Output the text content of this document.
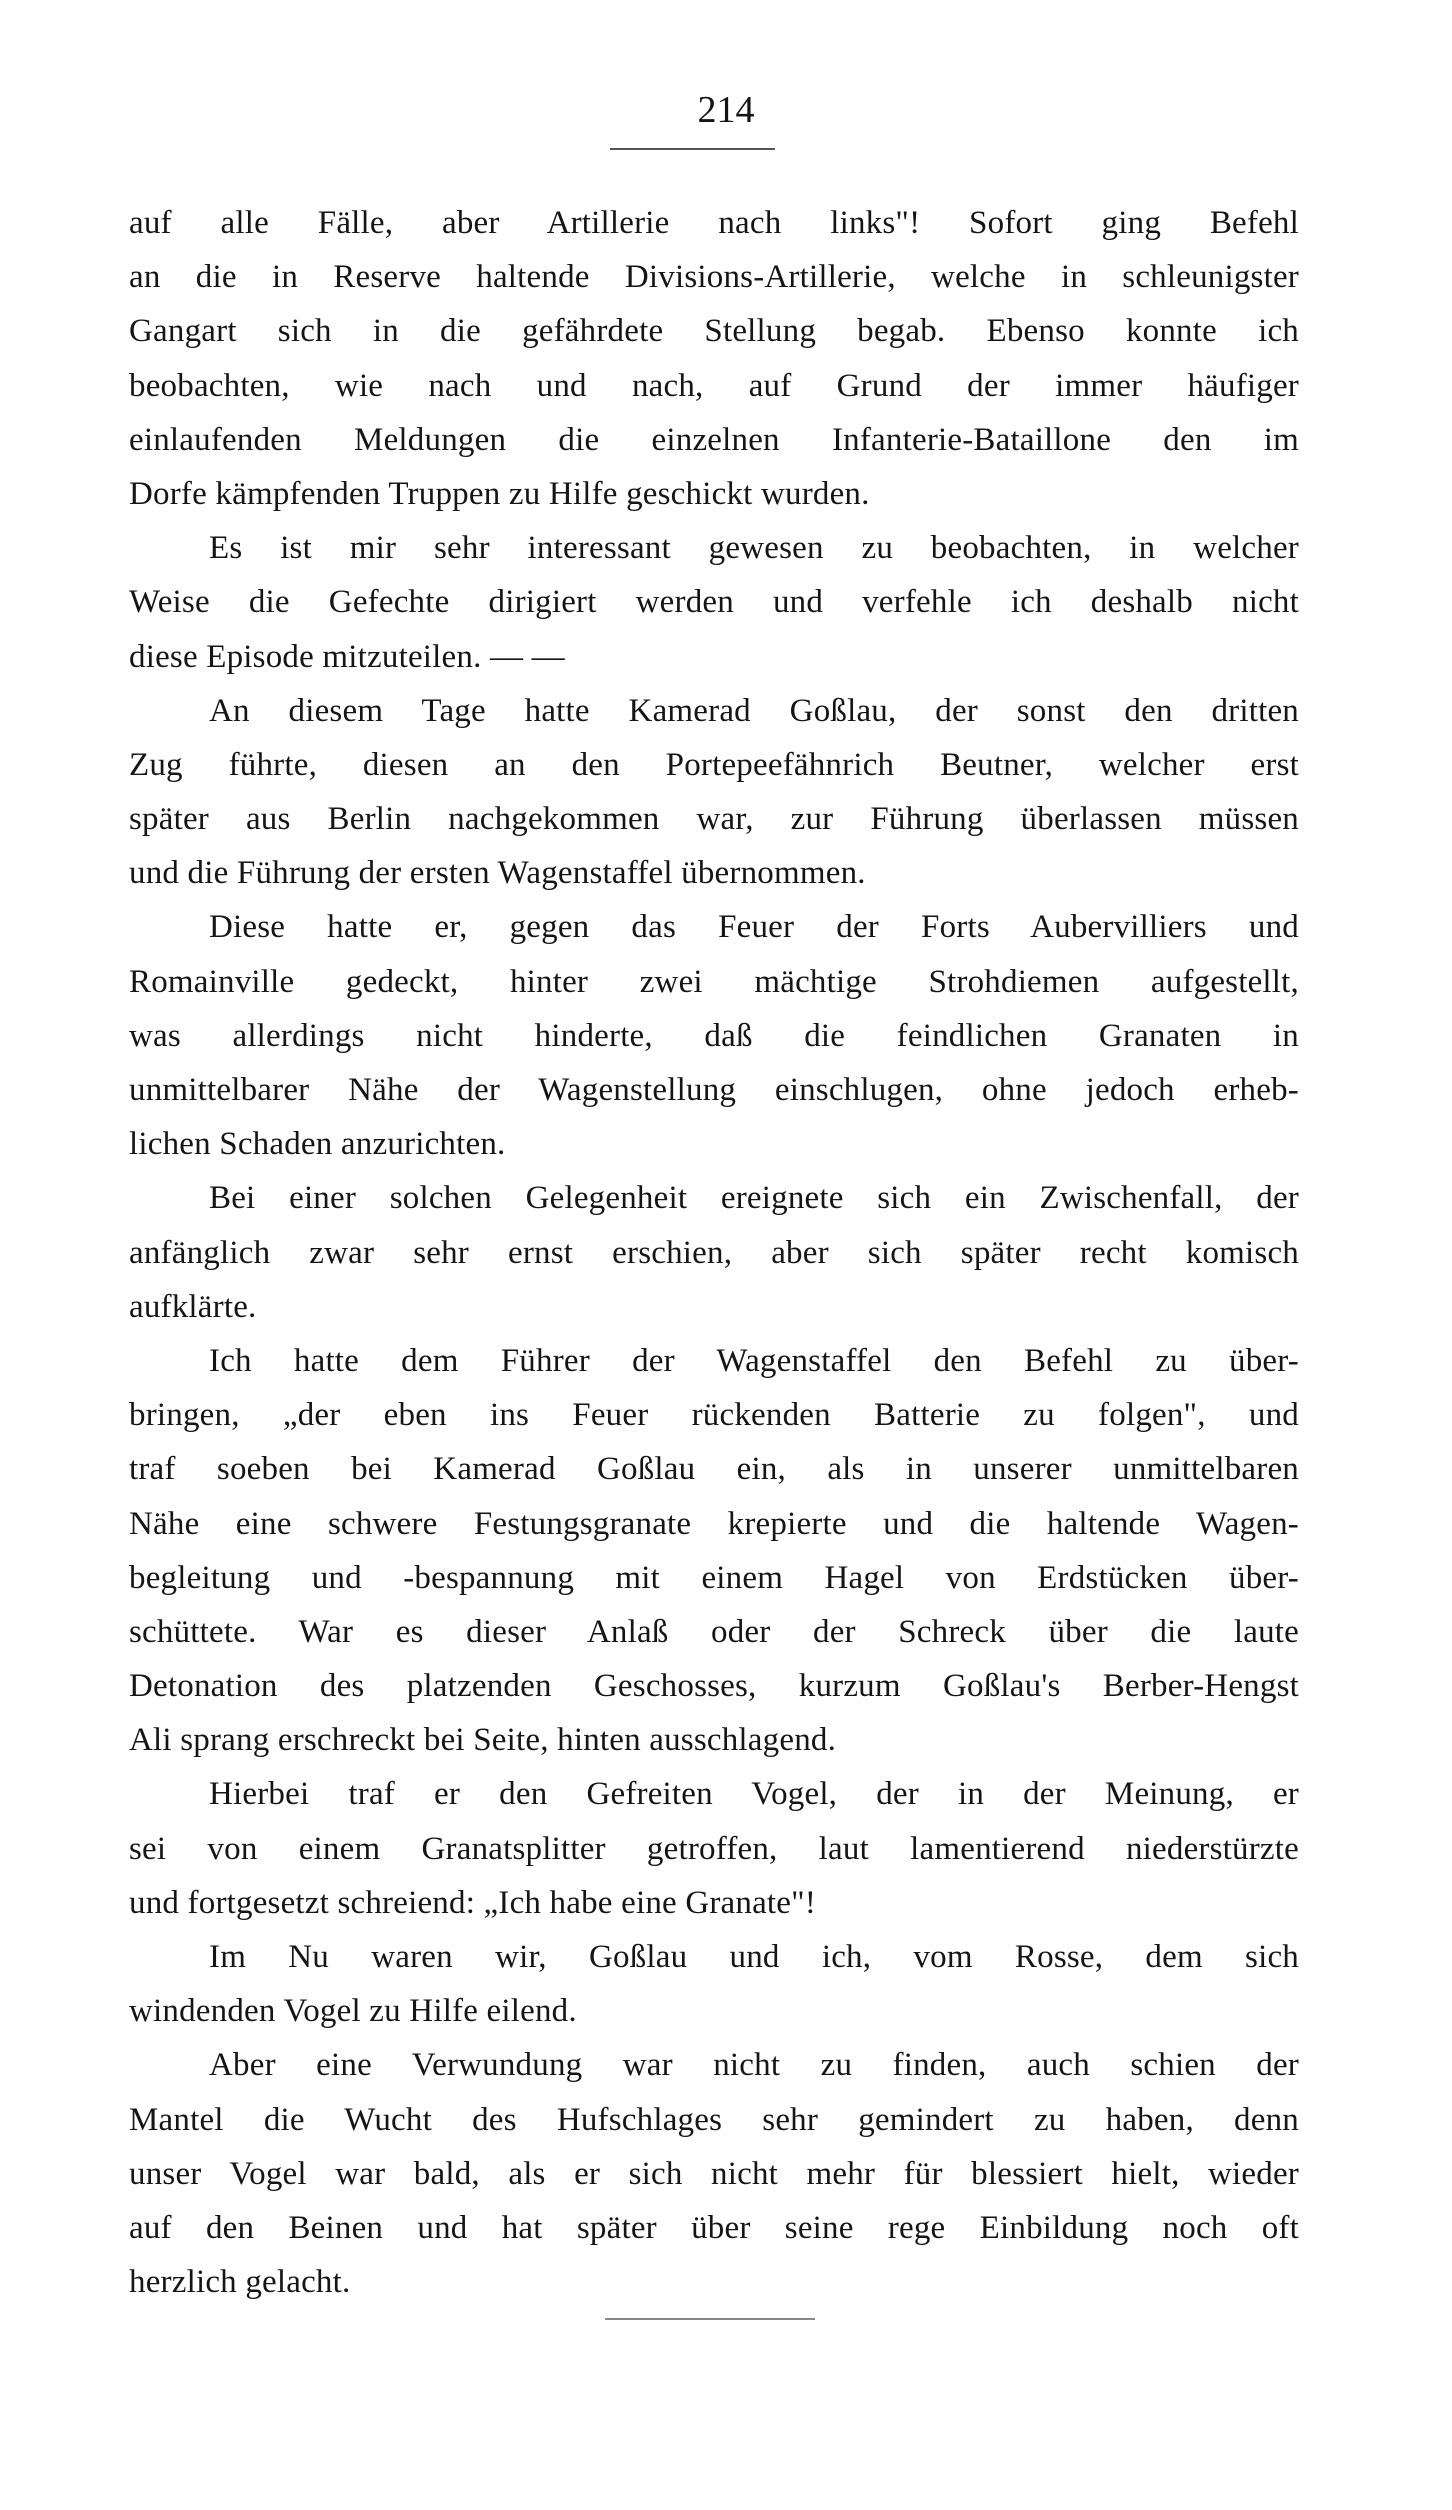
214
auf alle Fälle, aber Artillerie nach links"! Sofort ging Befehl
an die in Reserve haltende Divisions-Artillerie, welche in schleunigster
Gangart sich in die gefährdete Stellung begab. Ebenso konnte ich
beobachten, wie nach und nach, auf Grund der immer häufiger
einlaufenden Meldungen die einzelnen Infanterie-Bataillone den im
Dorfe kämpfenden Truppen zu Hilfe geschickt wurden.
Es ist mir sehr interessant gewesen zu beobachten, in welcher
Weise die Gefechte dirigiert werden und verfehle ich deshalb nicht
diese Episode mitzuteilen. — —
An diesem Tage hatte Kamerad Goßlau, der sonst den dritten
Zug führte, diesen an den Portepeefähnrich Beutner, welcher erst
später aus Berlin nachgekommen war, zur Führung überlassen müssen
und die Führung der ersten Wagenstaffel übernommen.
Diese hatte er, gegen das Feuer der Forts Aubervilliers und
Romainville gedeckt, hinter zwei mächtige Strohdiemen aufgestellt,
was allerdings nicht hinderte, daß die feindlichen Granaten in
unmittelbarer Nähe der Wagenstellung einschlugen, ohne jedoch erheb-
lichen Schaden anzurichten.
Bei einer solchen Gelegenheit ereignete sich ein Zwischenfall, der
anfänglich zwar sehr ernst erschien, aber sich später recht komisch
aufklärte.
Ich hatte dem Führer der Wagenstaffel den Befehl zu über-
bringen, „der eben ins Feuer rückenden Batterie zu folgen", und
traf soeben bei Kamerad Goßlau ein, als in unserer unmittelbaren
Nähe eine schwere Festungsgranate krepierte und die haltende Wagen-
begleitung und -bespannung mit einem Hagel von Erdstücken über-
schüttete. War es dieser Anlaß oder der Schreck über die laute
Detonation des platzenden Geschosses, kurzum Goßlau's Berber-Hengst
Ali sprang erschreckt bei Seite, hinten ausschlagend.
Hierbei traf er den Gefreiten Vogel, der in der Meinung, er
sei von einem Granatsplitter getroffen, laut lamentierend niederstürzte
und fortgesetzt schreiend: „Ich habe eine Granate"!
Im Nu waren wir, Goßlau und ich, vom Rosse, dem sich
windenden Vogel zu Hilfe eilend.
Aber eine Verwundung war nicht zu finden, auch schien der
Mantel die Wucht des Hufschlages sehr gemindert zu haben, denn
unser Vogel war bald, als er sich nicht mehr für blessiert hielt, wieder
auf den Beinen und hat später über seine rege Einbildung noch oft
herzlich gelacht.
